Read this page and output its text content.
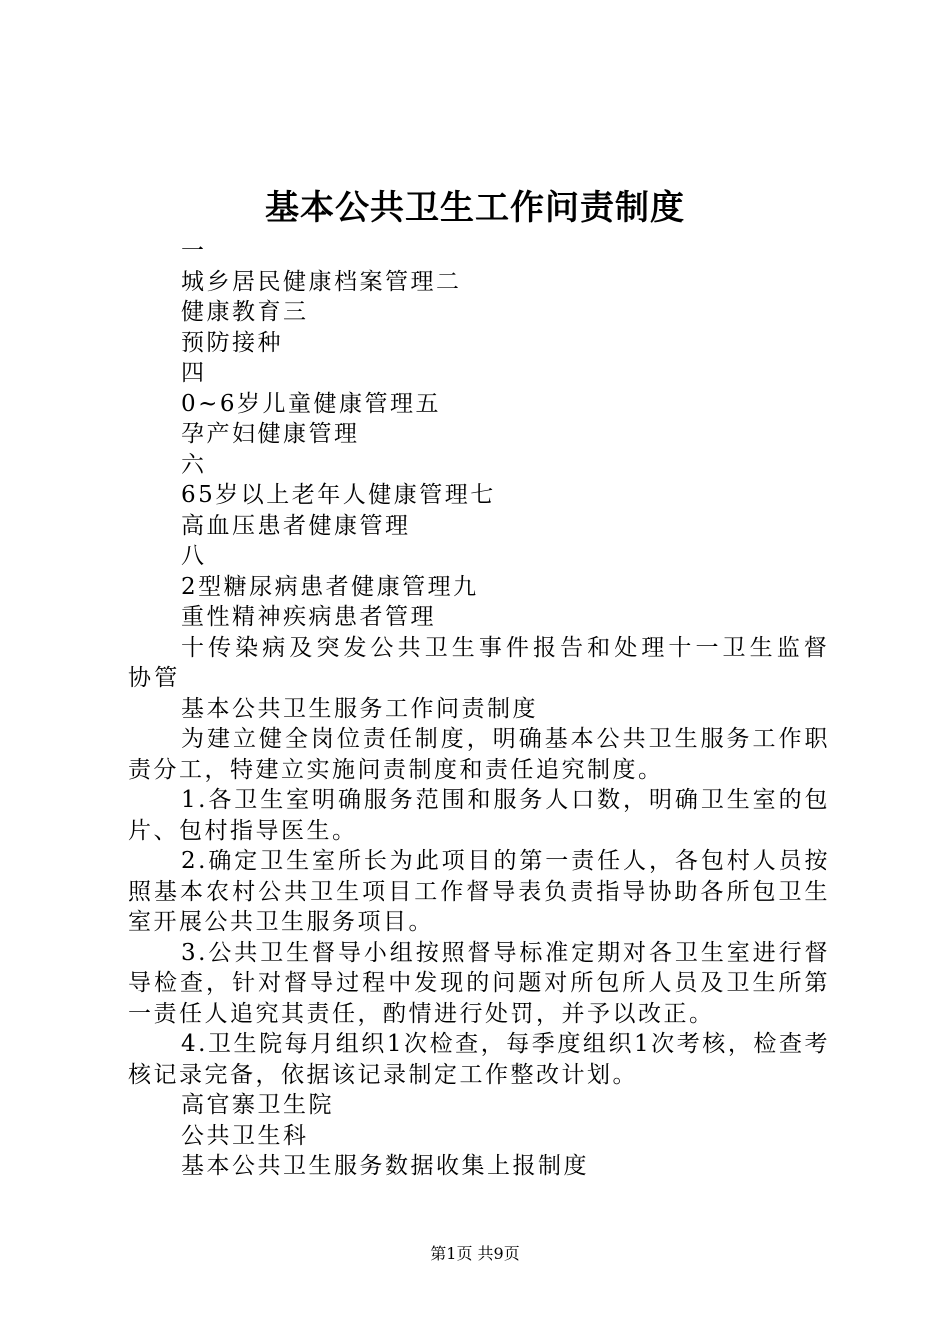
基本公共卫生工作问责制度

一

城乡居民健康档案管理二

健康教育三

预防接种

四

0~6岁儿童健康管理五

孕产妇健康管理

六

65岁以上老年人健康管理七

高血压患者健康管理

八

2型糖尿病患者健康管理九

重性精神疾病患者管理

十传染病及突发公共卫生事件报告和处理十一卫生监督协管

基本公共卫生服务工作问责制度

为建立健全岗位责任制度，明确基本公共卫生服务工作职责分工，特建立实施问责制度和责任追究制度。

1.各卫生室明确服务范围和服务人口数，明确卫生室的包片、包村指导医生。

2.确定卫生室所长为此项目的第一责任人，各包村人员按照基本农村公共卫生项目工作督导表负责指导协助各所包卫生室开展公共卫生服务项目。

3.公共卫生督导小组按照督导标准定期对各卫生室进行督导检查，针对督导过程中发现的问题对所包所人员及卫生所第一责任人追究其责任，酌情进行处罚，并予以改正。

4.卫生院每月组织1次检查，每季度组织1次考核，检查考核记录完备，依据该记录制定工作整改计划。

高官寨卫生院

公共卫生科

基本公共卫生服务数据收集上报制度

第1页 共9页
